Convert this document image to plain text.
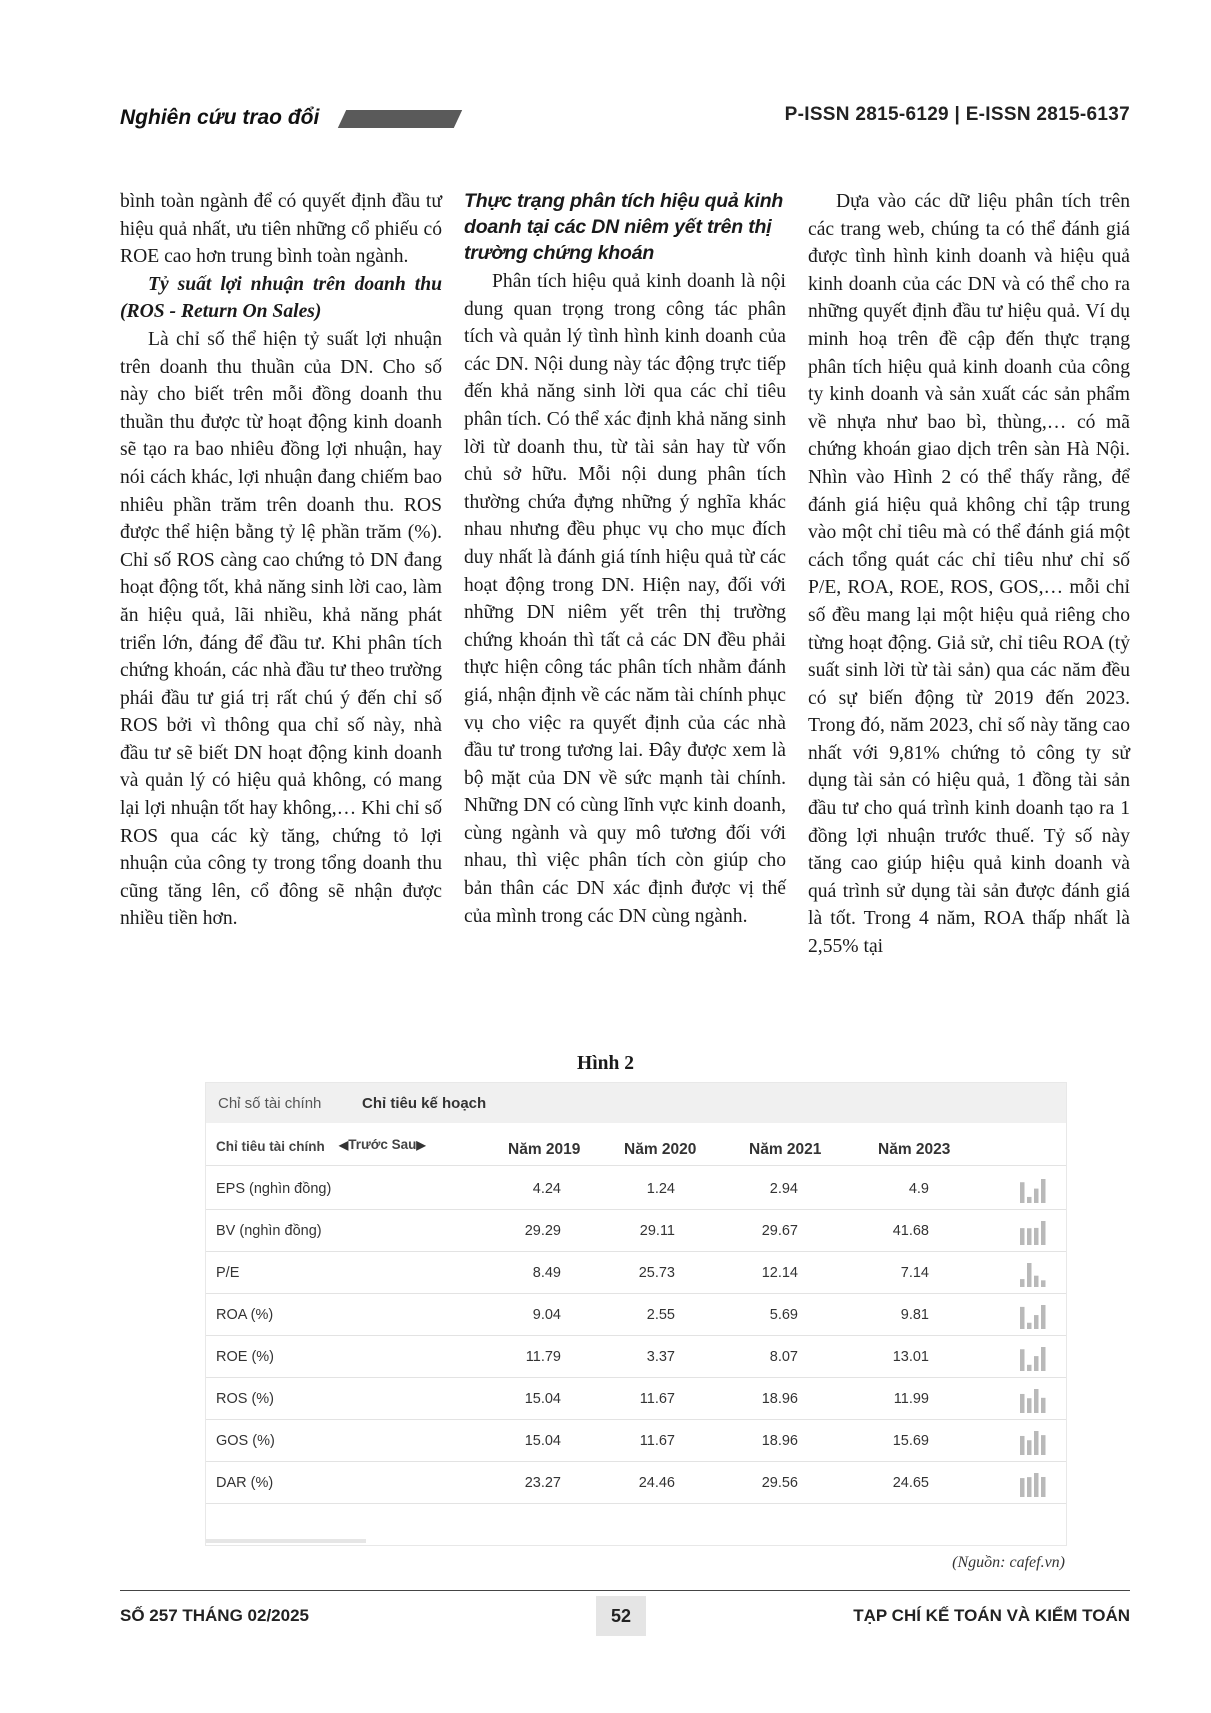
Nghiên cứu trao đổi	P-ISSN 2815-6129 | E-ISSN 2815-6137

bình toàn ngành để có quyết định đầu tư hiệu quả nhất, ưu tiên những cổ phiếu có ROE cao hơn trung bình toàn ngành.

Tỷ suất lợi nhuận trên doanh thu (ROS - Return On Sales)

Là chỉ số thể hiện tỷ suất lợi nhuận trên doanh thu thuần của DN. Cho số này cho biết trên mỗi đồng doanh thu thuần thu được từ hoạt động kinh doanh sẽ tạo ra bao nhiêu đồng lợi nhuận, hay nói cách khác, lợi nhuận đang chiếm bao nhiêu phần trăm trên doanh thu. ROS được thể hiện bằng tỷ lệ phần trăm (%). Chỉ số ROS càng cao chứng tỏ DN đang hoạt động tốt, khả năng sinh lời cao, làm ăn hiệu quả, lãi nhiều, khả năng phát triển lớn, đáng để đầu tư. Khi phân tích chứng khoán, các nhà đầu tư theo trường phái đầu tư giá trị rất chú ý đến chỉ số ROS bởi vì thông qua chỉ số này, nhà đầu tư sẽ biết DN hoạt động kinh doanh và quản lý có hiệu quả không, có mang lại lợi nhuận tốt hay không,… Khi chỉ số ROS qua các kỳ tăng, chứng tỏ lợi nhuận của công ty trong tổng doanh thu cũng tăng lên, cổ đông sẽ nhận được nhiều tiền hơn.

Thực trạng phân tích hiệu quả kinh doanh tại các DN niêm yết trên thị trường chứng khoán

Phân tích hiệu quả kinh doanh là nội dung quan trọng trong công tác phân tích và quản lý tình hình kinh doanh của các DN. Nội dung này tác động trực tiếp đến khả năng sinh lời qua các chỉ tiêu phân tích. Có thể xác định khả năng sinh lời từ doanh thu, từ tài sản hay từ vốn chủ sở hữu. Mỗi nội dung phân tích thường chứa đựng những ý nghĩa khác nhau nhưng đều phục vụ cho mục đích duy nhất là đánh giá tính hiệu quả từ các hoạt động trong DN. Hiện nay, đối với những DN niêm yết trên thị trường chứng khoán thì tất cả các DN đều phải thực hiện công tác phân tích nhằm đánh giá, nhận định về các năm tài chính phục vụ cho việc ra quyết định của các nhà đầu tư trong tương lai. Đây được xem là bộ mặt của DN về sức mạnh tài chính. Những DN có cùng lĩnh vực kinh doanh, cùng ngành và quy mô tương đối với nhau, thì việc phân tích còn giúp cho bản thân các DN xác định được vị thế của mình trong các DN cùng ngành.

Dựa vào các dữ liệu phân tích trên các trang web, chúng ta có thể đánh giá được tình hình kinh doanh và hiệu quả kinh doanh của các DN và có thể cho ra những quyết định đầu tư hiệu quả. Ví dụ minh hoạ trên đề cập đến thực trạng phân tích hiệu quả kinh doanh của công ty kinh doanh và sản xuất các sản phẩm về nhựa như bao bì, thùng,… có mã chứng khoán giao dịch trên sàn Hà Nội. Nhìn vào Hình 2 có thể thấy rằng, để đánh giá hiệu quả không chỉ tập trung vào một chỉ tiêu mà có thể đánh giá một cách tổng quát các chỉ tiêu như chỉ số P/E, ROA, ROE, ROS, GOS,… mỗi chỉ số đều mang lại một hiệu quả riêng cho từng hoạt động. Giả sử, chỉ tiêu ROA (tỷ suất sinh lời từ tài sản) qua các năm đều có sự biến động từ 2019 đến 2023. Trong đó, năm 2023, chỉ số này tăng cao nhất với 9,81% chứng tỏ công ty sử dụng tài sản có hiệu quả, 1 đồng tài sản đầu tư cho quá trình kinh doanh tạo ra 1 đồng lợi nhuận trước thuế. Tỷ số này tăng cao giúp hiệu quả kinh doanh và quá trình sử dụng tài sản được đánh giá là tốt. Trong 4 năm, ROA thấp nhất là 2,55% tại

Hình 2
Chỉ số tài chính	Chỉ tiêu kế hoạch
Chỉ tiêu tài chính ◀Trước Sau▶	Năm 2019	Năm 2020	Năm 2021	Năm 2023
EPS (nghìn đồng)	4.24	1.24	2.94	4.9
BV (nghìn đồng)	29.29	29.11	29.67	41.68
P/E	8.49	25.73	12.14	7.14
ROA (%)	9.04	2.55	5.69	9.81
ROE (%)	11.79	3.37	8.07	13.01
ROS (%)	15.04	11.67	18.96	11.99
GOS (%)	15.04	11.67	18.96	15.69
DAR (%)	23.27	24.46	29.56	24.65
(Nguồn: cafef.vn)
SỐ 257 THÁNG 02/2025	52	TẠP CHÍ KẾ TOÁN VÀ KIỂM TOÁN
